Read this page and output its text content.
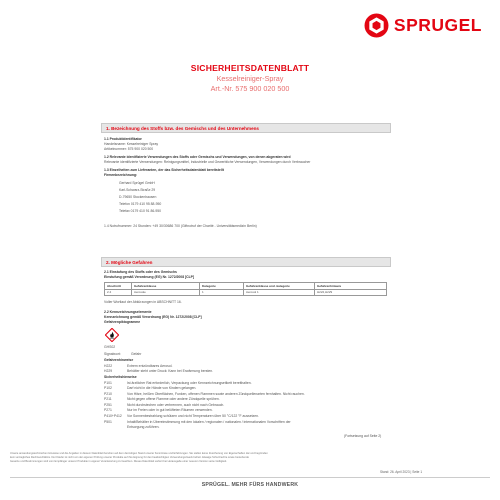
SPRUGEL
SICHERHEITSDATENBLATT
Kesselreiniger-Spray
Art.-Nr. 575 900 020 500
1. Bezeichnung des Stoffs bzw. des Gemischs und des Unternehmens
1.1 Produktidentifikator
Handelsname: Kesselreiniger Spray
Artikelnummer: 575 900 020 500
1.2 Relevante identifizierte Verwendungen des Stoffs oder Gemischs und Verwendungen, von denen abgeraten wird
Relevante identifizierte Verwendungen: Reinigungsmittel, Industrielle und Gewerbliche Verwendungen, Verwendungen durch Verbraucher
1.3 Einzelheiten zum Lieferanten, der das Sicherheitsdatenblatt bereitstellt
Firmenbezeichnung:
Gerhard Sprügel GmbH
Karl-Schwarz-Straße 29
D-79650 Stockenhausen
Telefon 0179 410 95 88-950
Telefax 0179 410 91 86-950
1.4 Notrufnummer: 24 Stunden: +49 30/30686 700 (Giftnotruf der Charité - Universitätsmedizin Berlin)
2. Mögliche Gefahren
2.1 Einstufung des Stoffs oder des Gemischs
Einstufung gemäß Verordnung (EG) Nr. 1272/2008 [CLP]
Abschnitt	Gefahrenklasse	Kategorie	Gefahrenklasse und -kategorie	Gefahrenhinweis
2.4	Aerosole	1	Aerosol 1	H222,H229
Voller Wortlaut der Abkürzungen in ABSCHNITT 16.
2.2 Kennzeichnungselemente
Kennzeichnung gemäß Verordnung (EG) Nr. 1272/2008 [CLP]
Gefahrenpiktogramme
GHS02
Signalwort:	Gefahr
Gefahrenhinweise
H222	Extrem entzündbares Aerosol.
H229	Behälter steht unter Druck: Kann bei Erwärmung bersten.
Sicherheitshinweise
P101	Ist ärztlicher Rat erforderlich, Verpackung oder Kennzeichnungsetikett bereithalten.
P102	Darf nicht in die Hände von Kindern gelangen.
P210	Von Hitze, heißen Oberflächen, Funken, offenen Flammen sowie anderen Zündquellenarten fernhalten. Nicht rauchen.
P211	Nicht gegen offene Flamme oder andere Zündquelle sprühen.
P251	Nicht durchstechen oder verbrennen, auch nicht nach Gebrauch.
P271	Nur im Freien oder in gut belüfteten Räumen verwenden.
P410+P412 Vor Sonnenbestrahlung schützen und nicht Temperaturen über 50 °C/122 °F aussetzen.
P501	Inhalt/Behälter in Übereinstimmung mit den lokalen / regionalen / nationalen / internationalen Vorschriften der
Entsorgung zuführen.
(Fortsetzung auf Seite 2)
Unsere anwendungstechnischen Hinweise und die Angaben in diesem Datenblatt beruhen auf dem derzeitigen Stand unserer Kenntnisse und Erfahrungen. Sie stellen keine Zusicherung von Eigenschaften dar und begründen
kein vertragliches Rechtsverhältnis. Der Käufer ist nicht von der eigenen Prüfung unserer Produkte auf ihre Eignung für den beabsichtigten Verwendungszweck befreit. Etwaige Schutzrechte sowie bestehende
Gesetze und Bestimmungen sind vom Empfänger unserer Produkte in eigener Verantwortung zu beachten. Dieses Datenblatt verliert bei Herausgabe einer neueren Version seine Gültigkeit.
Stand: 26. April 2023 | Seite 1
SPRÜGEL. MEHR FÜRS HANDWERK
